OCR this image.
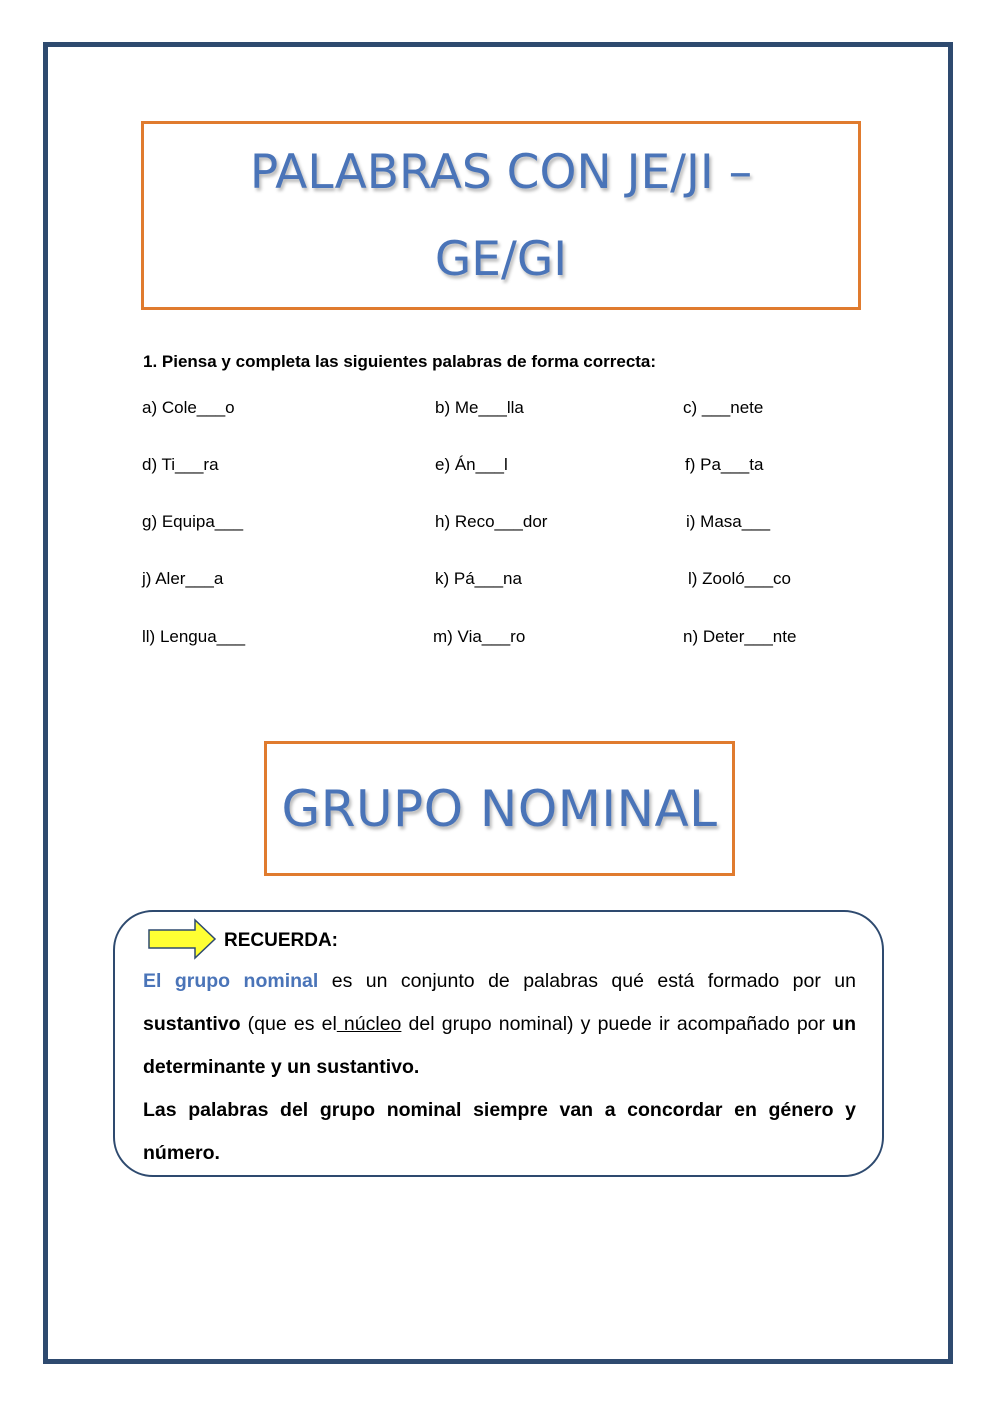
PALABRAS CON JE/JI –
GE/GI
1. Piensa y completa las siguientes palabras de forma correcta:
a) Cole___o	b) Me___lla	c) ___nete
d) Ti___ra	e) Án___l	f) Pa___ta
g) Equipa___	h) Reco___dor	i) Masa___
j) Aler___a	k) Pá___na	l) Zooló___co
ll) Lengua___	m) Via___ro	n) Deter___nte
GRUPO NOMINAL
RECUERDA:
El grupo nominal es un conjunto de palabras qué está formado por un sustantivo (que es el núcleo del grupo nominal) y puede ir acompañado por un determinante y un sustantivo.
Las palabras del grupo nominal siempre van a concordar en género y número.
